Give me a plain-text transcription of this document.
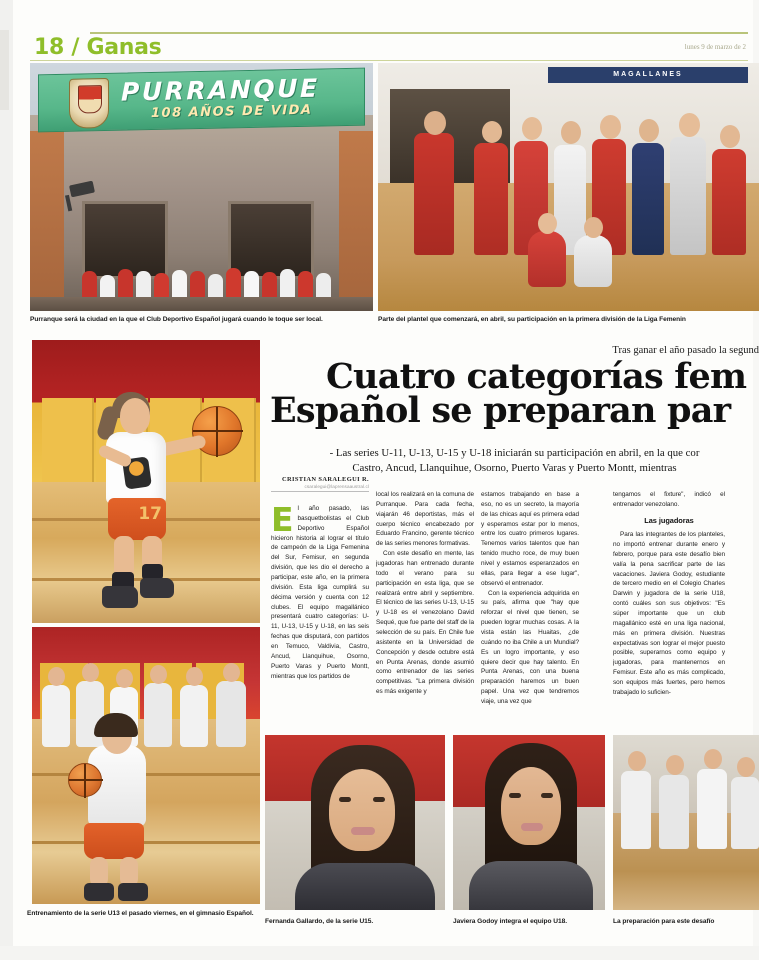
18 / Ganas	lunes 9 de marzo de 2
PURRANQUE
108 AÑOS DE VIDA
Purranque será la ciudad en la que el Club Deportivo Español jugará cuando le toque ser local.
MAGALLANES
Parte del plantel que comenzará, en abril, su participación en la primera división de la Liga Femenin
Tras ganar el año pasado la segund
Cuatro categorías fem
Español se preparan par
- Las series U-11, U-13, U-15 y U-18 iniciarán su participación en abril, en la que cor
Castro, Ancud, Llanquihue, Osorno, Puerto Varas y Puerto Montt, mientras
CRISTIAN SARALEGUI R.
csaralegui@laprensaaustral.cl
E l año pasado, las basquetbolistas el Club Deportivo Español hicieron historia al lograr el título de campeón de la Liga Femenina del Sur, Femisur, en segunda división, que les dio el derecho a participar, este año, en la primera división. Esta liga cumplirá su décima versión y cuenta con 12 clubes. El equipo magallánico presentará cuatro categorías: U-11, U-13, U-15 y U-18, en las seis fechas que disputará, con partidos en Temuco, Valdivia, Castro, Ancud, Llanquihue, Osorno, Puerto Varas y Puerto Montt, mientras que los partidos de

local los realizará en la comuna de Purranque. Para cada fecha, viajarán 46 deportistas, más el cuerpo técnico encabezado por Eduardo Francino, gerente técnico de las series menores formativas.

Con este desafío en mente, las jugadoras han entrenado durante todo el verano para su participación en esta liga, que se realizará entre abril y septiembre. El técnico de las series U-13, U-15 y U-18 es el venezolano David Sequé, que fue parte del staff de la selección de su país. En Chile fue asistente en la Universidad de Concepción y desde octubre está en Punta Arenas, donde asumió como entrenador de las series competitivas. "La primera división es más exigente y

estamos trabajando en base a eso, no es un secreto, la mayoría de las chicas aquí es primera edad y esperamos estar por lo menos, entre los cuatro primeros lugares. Tenemos varios talentos que han tenido mucho roce, de muy buen nivel y estamos esperanzados en ellas, para llegar a ese lugar", observó el entrenador.

Con la experiencia adquirida en su país, afirma que "hay que reforzar el nivel que tienen, se pueden lograr muchas cosas. A la vista están las Huaitas, ¿de cuándo no iba Chile a un Mundial? Es un logro importante, y eso quiere decir que hay talento. En Punta Arenas, con una buena preparación haremos un buen papel. Una vez que tendremos viaje, una vez que

tengamos el fixture", indicó el entrenador venezolano.

Las jugadoras

Para las integrantes de los planteles, no importó entrenar durante enero y febrero, porque para este desafío bien valía la pena sacrificar parte de las vacaciones. Javiera Godoy, estudiante de tercero medio en el Colegio Charles Darwin y jugadora de la serie U18, contó cuáles son sus objetivos: "Es súper importante que un club magallánico esté en una liga nacional, más en primera división. Nuestras expectativas son lograr el mejor puesto posible, superarnos como equipo y jugadoras, para mantenernos en Femisur. Este año es más complicado, son equipos más fuertes, pero hemos trabajado lo suficien-

17
Entrenamiento de la serie U13 el pasado viernes, en el gimnasio Español.
Fernanda Gallardo, de la serie U15.	Javiera Godoy integra el equipo U18.	La preparación para este desafío
